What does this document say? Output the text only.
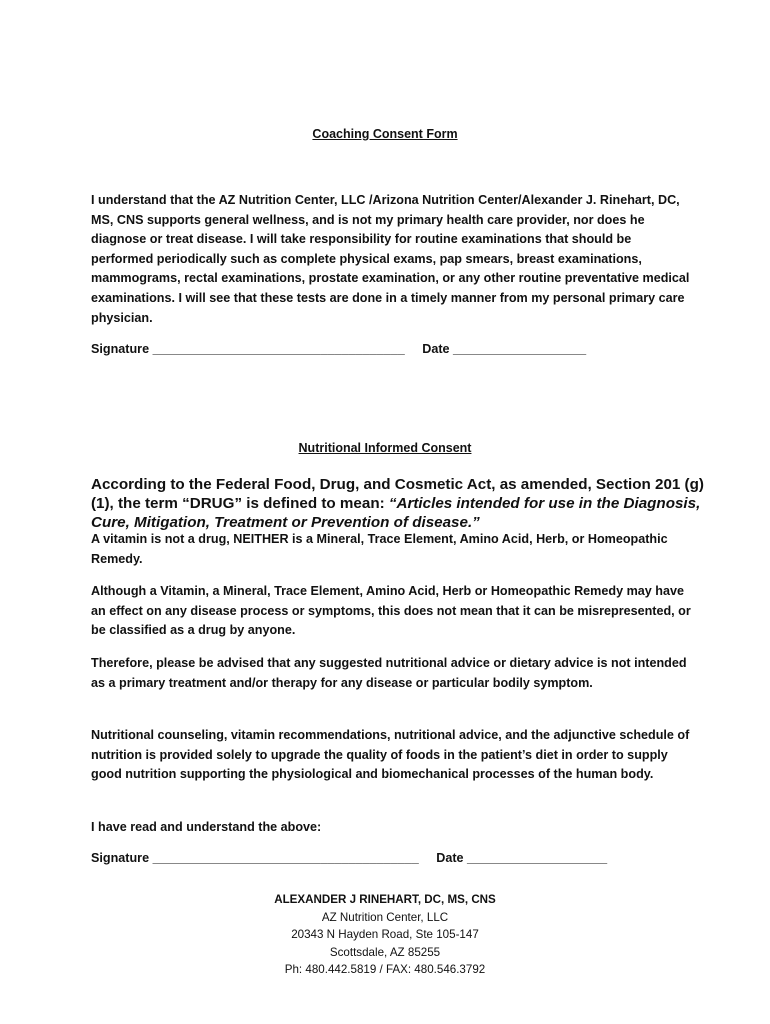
Coaching Consent Form
I understand that the AZ Nutrition Center, LLC /Arizona Nutrition Center/Alexander J. Rinehart, DC, MS, CNS supports general wellness, and is not my primary health care provider, nor does he diagnose or treat disease. I will take responsibility for routine examinations that should be performed periodically such as complete physical exams, pap smears, breast examinations, mammograms, rectal examinations, prostate examination, or any other routine preventative medical examinations. I will see that these tests are done in a timely manner from my personal primary care physician.
Signature ____________________________________ Date ___________________
Nutritional Informed Consent
According to the Federal Food, Drug, and Cosmetic Act, as amended, Section 201 (g) (1), the term “DRUG” is defined to mean: “Articles intended for use in the Diagnosis, Cure, Mitigation, Treatment or Prevention of disease.”
A vitamin is not a drug, NEITHER is a Mineral, Trace Element, Amino Acid, Herb, or Homeopathic Remedy.
Although a Vitamin, a Mineral, Trace Element, Amino Acid, Herb or Homeopathic Remedy may have an effect on any disease process or symptoms, this does not mean that it can be misrepresented, or be classified as a drug by anyone.
Therefore, please be advised that any suggested nutritional advice or dietary advice is not intended as a primary treatment and/or therapy for any disease or particular bodily symptom.
Nutritional counseling, vitamin recommendations, nutritional advice, and the adjunctive schedule of nutrition is provided solely to upgrade the quality of foods in the patient’s diet in order to supply good nutrition supporting the physiological and biomechanical processes of the human body.
I have read and understand the above:
Signature ______________________________________ Date ____________________
ALEXANDER J RINEHART, DC, MS, CNS
AZ Nutrition Center, LLC
20343 N Hayden Road, Ste 105-147
Scottsdale, AZ 85255
Ph: 480.442.5819 / FAX: 480.546.3792
